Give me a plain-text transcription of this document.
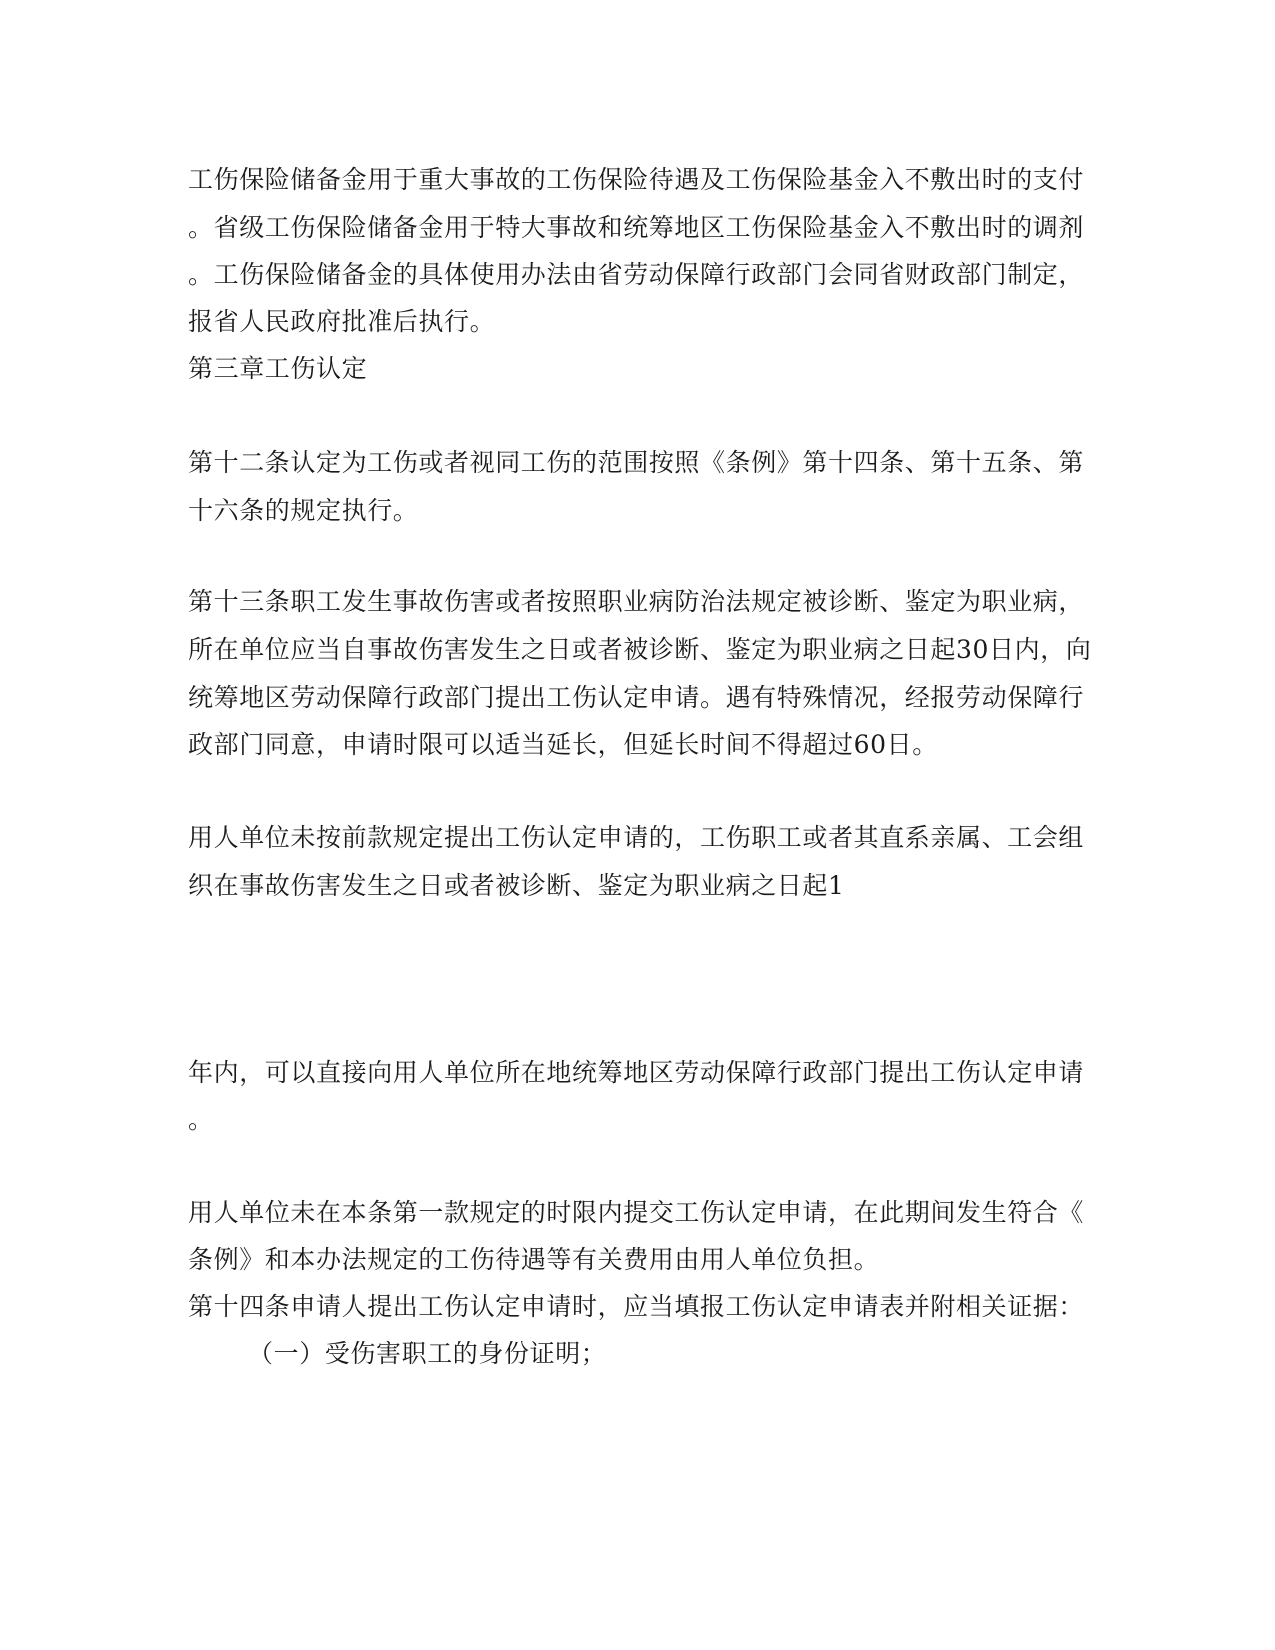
工伤保险储备金用于重大事故的工伤保险待遇及工伤保险基金入不敷出时的支付
。省级工伤保险储备金用于特大事故和统筹地区工伤保险基金入不敷出时的调剂
。工伤保险储备金的具体使用办法由省劳动保障行政部门会同省财政部门制定，
报省人民政府批准后执行。
第三章工伤认定
第十二条认定为工伤或者视同工伤的范围按照《条例》第十四条、第十五条、第
十六条的规定执行。
第十三条职工发生事故伤害或者按照职业病防治法规定被诊断、鉴定为职业病，
所在单位应当自事故伤害发生之日或者被诊断、鉴定为职业病之日起30日内，向
统筹地区劳动保障行政部门提出工伤认定申请。遇有特殊情况，经报劳动保障行
政部门同意，申请时限可以适当延长，但延长时间不得超过60日。
用人单位未按前款规定提出工伤认定申请的，工伤职工或者其直系亲属、工会组
织在事故伤害发生之日或者被诊断、鉴定为职业病之日起1
年内，可以直接向用人单位所在地统筹地区劳动保障行政部门提出工伤认定申请
。
用人单位未在本条第一款规定的时限内提交工伤认定申请，在此期间发生符合《
条例》和本办法规定的工伤待遇等有关费用由用人单位负担。
第十四条申请人提出工伤认定申请时，应当填报工伤认定申请表并附相关证据：
（一）受伤害职工的身份证明；
